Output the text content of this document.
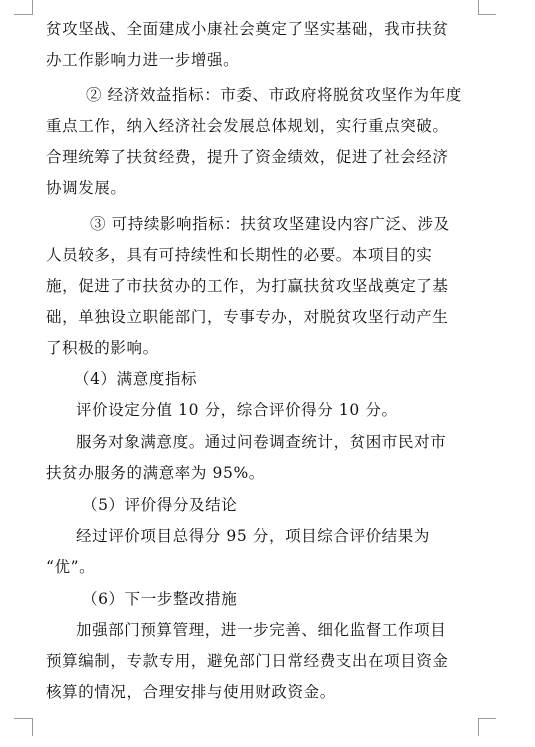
贫攻坚战、全面建成小康社会奠定了坚实基础，我市扶贫
办工作影响力进一步增强。
② 经济效益指标：市委、市政府将脱贫攻坚作为年度
重点工作，纳入经济社会发展总体规划，实行重点突破。
合理统筹了扶贫经费，提升了资金绩效，促进了社会经济
协调发展。
③ 可持续影响指标：扶贫攻坚建设内容广泛、涉及
人员较多，具有可持续性和长期性的必要。本项目的实
施，促进了市扶贫办的工作，为打赢扶贫攻坚战奠定了基
础，单独设立职能部门，专事专办，对脱贫攻坚行动产生
了积极的影响。
（4）满意度指标
评价设定分值 10 分，综合评价得分 10 分。
服务对象满意度。通过问卷调查统计，贫困市民对市
扶贫办服务的满意率为 95%。
（5）评价得分及结论
经过评价项目总得分 95 分，项目综合评价结果为
“优”。
（6）下一步整改措施
加强部门预算管理，进一步完善、细化监督工作项目
预算编制，专款专用，避免部门日常经费支出在项目资金
核算的情况，合理安排与使用财政资金。
